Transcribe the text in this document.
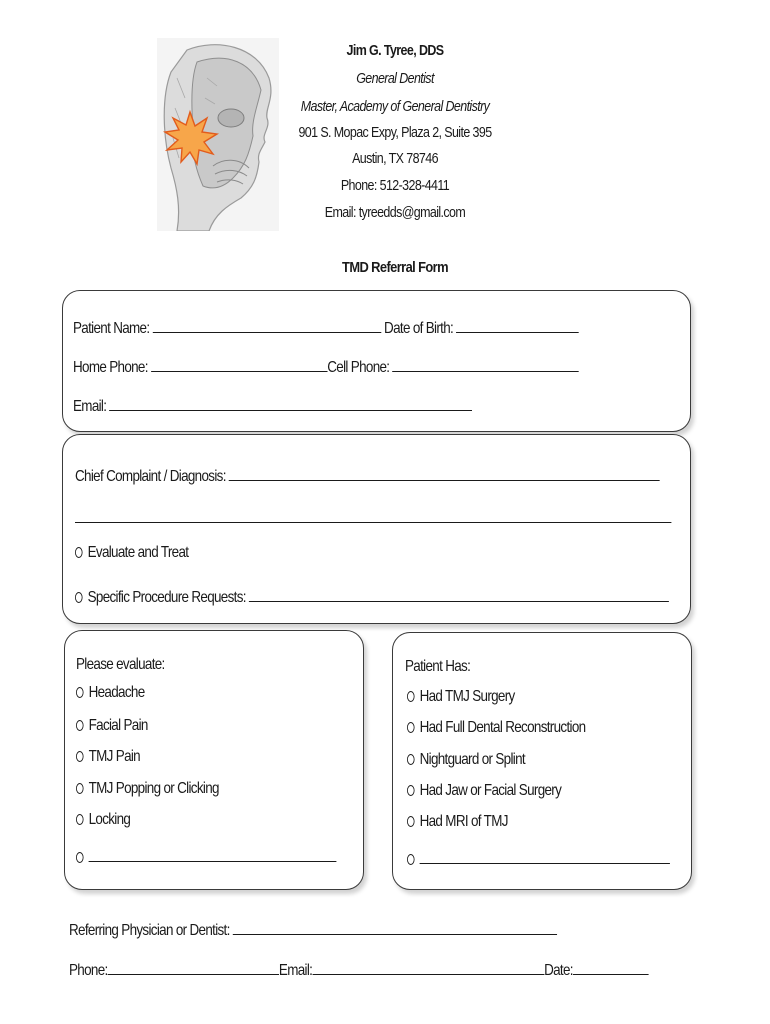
Jim G. Tyree, DDS
General Dentist
Master, Academy of General Dentistry
901 S. Mopac Expy, Plaza 2, Suite 395
Austin, TX 78746
Phone: 512-328-4411
Email: tyreedds@gmail.com
TMD Referral Form
Patient Name:	Date of Birth:
Home Phone:	Cell Phone:
Email:
Chief Complaint / Diagnosis:
Evaluate and Treat
Specific Procedure Requests:
Please evaluate:
Headache
Facial Pain
TMJ Pain
TMJ Popping or Clicking
Locking
Patient Has:
Had TMJ Surgery
Had Full Dental Reconstruction
Nightguard or Splint
Had Jaw or Facial Surgery
Had MRI of TMJ
Referring Physician or Dentist:
Phone:	Email:	Date:
